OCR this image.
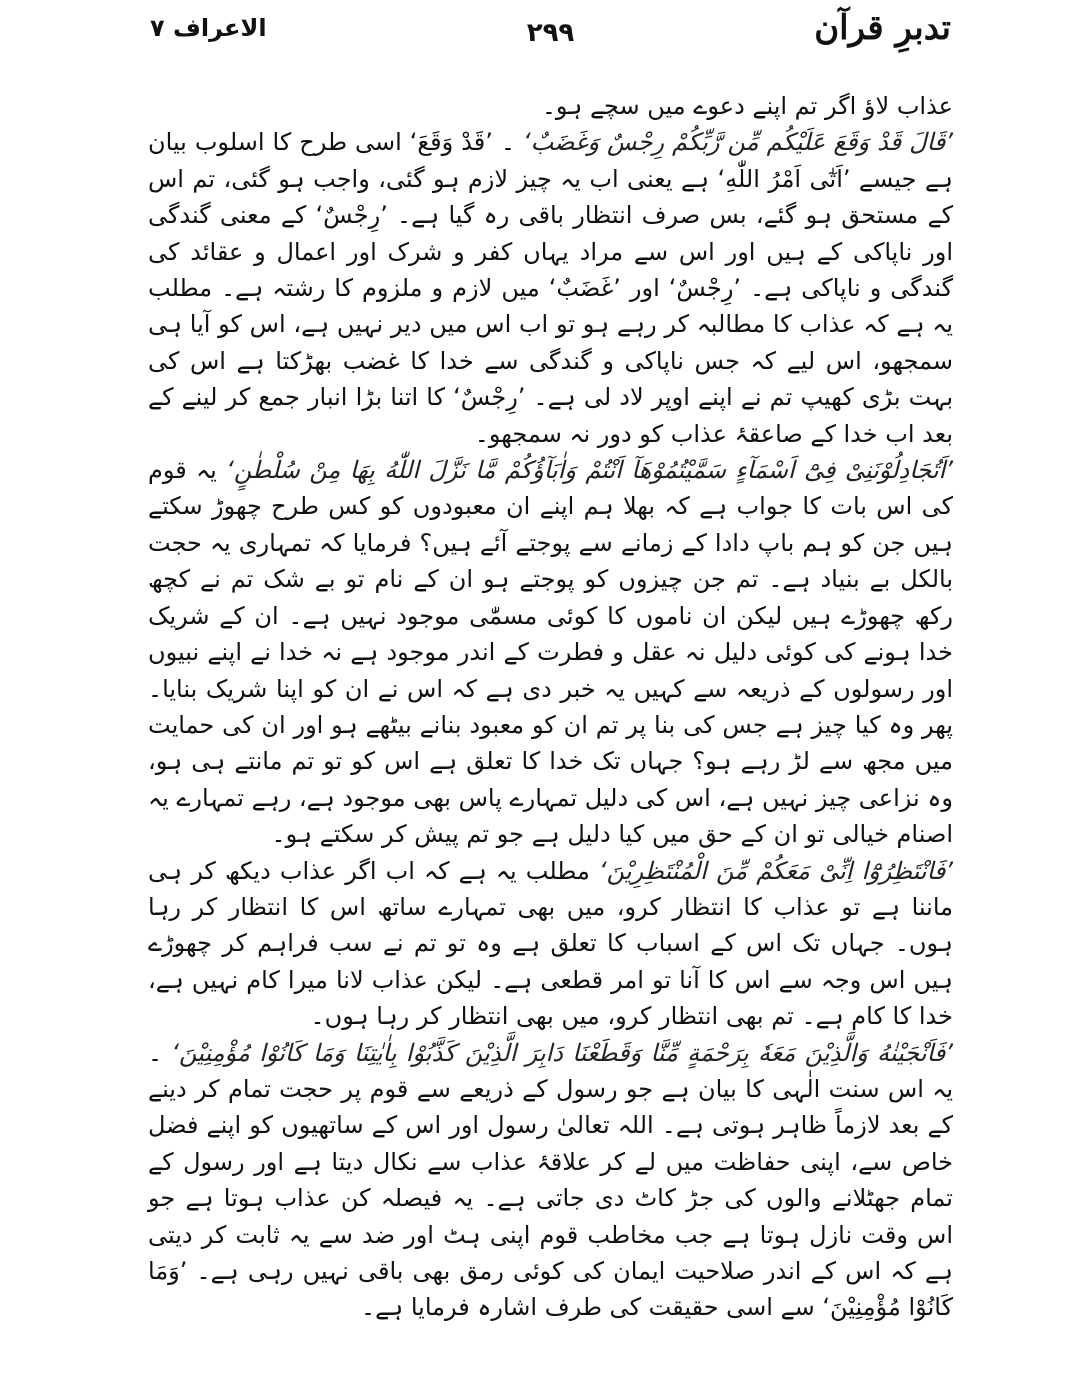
الاعراف ۷	۲۹۹	تدبرِ قرآن

عذاب لاؤ اگر تم اپنے دعوے میں سچے ہو۔

’قَالَ قَدْ وَقَعَ عَلَيْكُم مِّن رَّبِّكُمْ رِجْسٌ وَغَضَبٌ‘ ۔ ’قَدْ وَقَعَ‘ اسی طرح کا اسلوب بیان ہے جیسے ’اَتٰٓى اَمْرُ اللّٰهِ‘ ہے یعنی اب یہ چیز لازم ہو گئی، واجب ہو گئی، تم اس کے مستحق ہو گئے، بس صرف انتظار باقی رہ گیا ہے۔ ’رِجْسٌ‘ کے معنی گندگی اور ناپاکی کے ہیں اور اس سے مراد یہاں کفر و شرک اور اعمال و عقائد کی گندگی و ناپاکی ہے۔ ’رِجْسٌ‘ اور ’غَضَبٌ‘ میں لازم و ملزوم کا رشتہ ہے۔ مطلب یہ ہے کہ عذاب کا مطالبہ کر رہے ہو تو اب اس میں دیر نہیں ہے، اس کو آیا ہی سمجھو، اس لیے کہ جس ناپاکی و گندگی سے خدا کا غضب بھڑکتا ہے اس کی بہت بڑی کھیپ تم نے اپنے اوپر لاد لی ہے۔ ’رِجْسٌ‘ کا اتنا بڑا انبار جمع کر لینے کے بعد اب خدا کے صاعقۂ عذاب کو دور نہ سمجھو۔

’اَتُجَادِلُوْنَنِىْ فِىْٓ اَسْمَآءٍ سَمَّيْتُمُوْهَآ اَنْتُمْ وَاٰبَآؤُكُمْ مَّا نَزَّلَ اللّٰهُ بِهَا مِنْ سُلْطٰنٍ‘ یہ قوم کی اس بات کا جواب ہے کہ بھلا ہم اپنے ان معبودوں کو کس طرح چھوڑ سکتے ہیں جن کو ہم باپ دادا کے زمانے سے پوجتے آئے ہیں؟ فرمایا کہ تمہاری یہ حجت بالکل بے بنیاد ہے۔ تم جن چیزوں کو پوجتے ہو ان کے نام تو بے شک تم نے کچھ رکھ چھوڑے ہیں لیکن ان ناموں کا کوئی مسمّٰی موجود نہیں ہے۔ ان کے شریک خدا ہونے کی کوئی دلیل نہ عقل و فطرت کے اندر موجود ہے نہ خدا نے اپنے نبیوں اور رسولوں کے ذریعہ سے کہیں یہ خبر دی ہے کہ اس نے ان کو اپنا شریک بنایا۔ پھر وہ کیا چیز ہے جس کی بنا پر تم ان کو معبود بنانے بیٹھے ہو اور ان کی حمایت میں مجھ سے لڑ رہے ہو؟ جہاں تک خدا کا تعلق ہے اس کو تو تم مانتے ہی ہو، وہ نزاعی چیز نہیں ہے، اس کی دلیل تمہارے پاس بھی موجود ہے، رہے تمہارے یہ اصنام خیالی تو ان کے حق میں کیا دلیل ہے جو تم پیش کر سکتے ہو۔

’فَانْتَظِرُوْٓا اِنِّىْ مَعَكُمْ مِّنَ الْمُنْتَظِرِيْنَ‘ مطلب یہ ہے کہ اب اگر عذاب دیکھ کر ہی ماننا ہے تو عذاب کا انتظار کرو، میں بھی تمہارے ساتھ اس کا انتظار کر رہا ہوں۔ جہاں تک اس کے اسباب کا تعلق ہے وہ تو تم نے سب فراہم کر چھوڑے ہیں اس وجہ سے اس کا آنا تو امر قطعی ہے۔ لیکن عذاب لانا میرا کام نہیں ہے، خدا کا کام ہے۔ تم بھی انتظار کرو، میں بھی انتظار کر رہا ہوں۔

’فَاَنْجَيْنٰهُ وَالَّذِيْنَ مَعَهٗ بِرَحْمَةٍ مِّنَّا وَقَطَعْنَا دَابِرَ الَّذِيْنَ كَذَّبُوْا بِاٰيٰتِنَا وَمَا كَانُوْا مُؤْمِنِيْنَ‘ ۔ یہ اس سنت الٰہی کا بیان ہے جو رسول کے ذریعے سے قوم پر حجت تمام کر دینے کے بعد لازماً ظاہر ہوتی ہے۔ اللہ تعالیٰ رسول اور اس کے ساتھیوں کو اپنے فضل خاص سے، اپنی حفاظت میں لے کر علاقۂ عذاب سے نکال دیتا ہے اور رسول کے تمام جھٹلانے والوں کی جڑ کاٹ دی جاتی ہے۔ یہ فیصلہ کن عذاب ہوتا ہے جو اس وقت نازل ہوتا ہے جب مخاطب قوم اپنی ہٹ اور ضد سے یہ ثابت کر دیتی ہے کہ اس کے اندر صلاحیت ایمان کی کوئی رمق بھی باقی نہیں رہی ہے۔ ’وَمَا كَانُوْا مُؤْمِنِيْنَ‘ سے اسی حقیقت کی طرف اشارہ فرمایا ہے۔
